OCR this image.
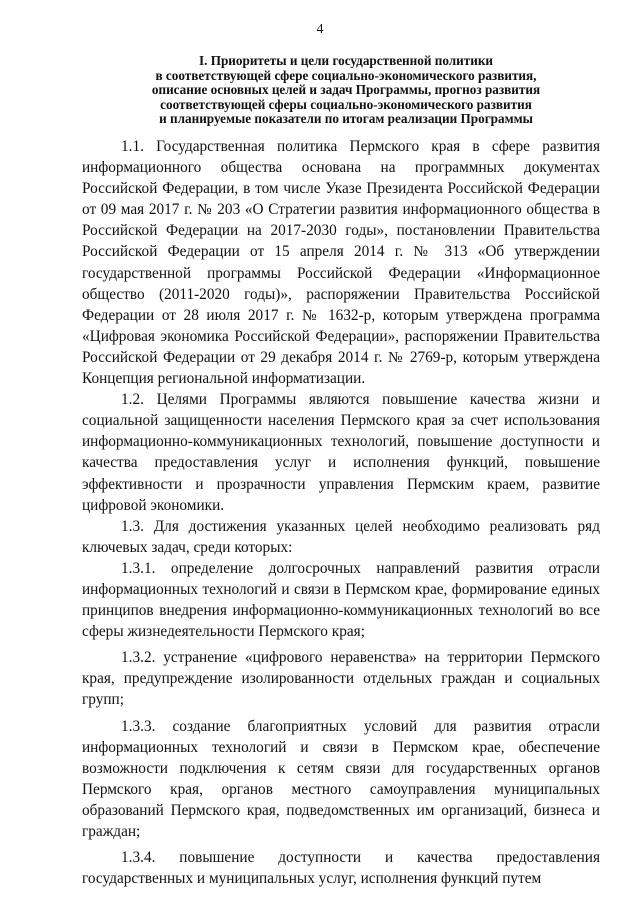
4
I. Приоритеты и цели государственной политики
в соответствующей сфере социально-экономического развития,
описание основных целей и задач Программы, прогноз развития
соответствующей сферы социально-экономического развития
и планируемые показатели по итогам реализации Программы

1.1. Государственная политика Пермского края в сфере развития информационного общества основана на программных документах Российской Федерации, в том числе Указе Президента Российской Федерации от 09 мая 2017 г. № 203 «О Стратегии развития информационного общества в Российской Федерации на 2017-2030 годы», постановлении Правительства Российской Федерации от 15 апреля 2014 г. № 313 «Об утверждении государственной программы Российской Федерации «Информационное общество (2011-2020 годы)», распоряжении Правительства Российской Федерации от 28 июля 2017 г. № 1632-р, которым утверждена программа «Цифровая экономика Российской Федерации», распоряжении Правительства Российской Федерации от 29 декабря 2014 г. № 2769-р, которым утверждена Концепция региональной информатизации.

1.2. Целями Программы являются повышение качества жизни и социальной защищенности населения Пермского края за счет использования информационно-коммуникационных технологий, повышение доступности и качества предоставления услуг и исполнения функций, повышение эффективности и прозрачности управления Пермским краем, развитие цифровой экономики.

1.3. Для достижения указанных целей необходимо реализовать ряд ключевых задач, среди которых:

1.3.1. определение долгосрочных направлений развития отрасли информационных технологий и связи в Пермском крае, формирование единых принципов внедрения информационно-коммуникационных технологий во все сферы жизнедеятельности Пермского края;

1.3.2. устранение «цифрового неравенства» на территории Пермского края, предупреждение изолированности отдельных граждан и социальных групп;

1.3.3. создание благоприятных условий для развития отрасли информационных технологий и связи в Пермском крае, обеспечение возможности подключения к сетям связи для государственных органов Пермского края, органов местного самоуправления муниципальных образований Пермского края, подведомственных им организаций, бизнеса и граждан;

1.3.4. повышение доступности и качества предоставления государственных и муниципальных услуг, исполнения функций путем
